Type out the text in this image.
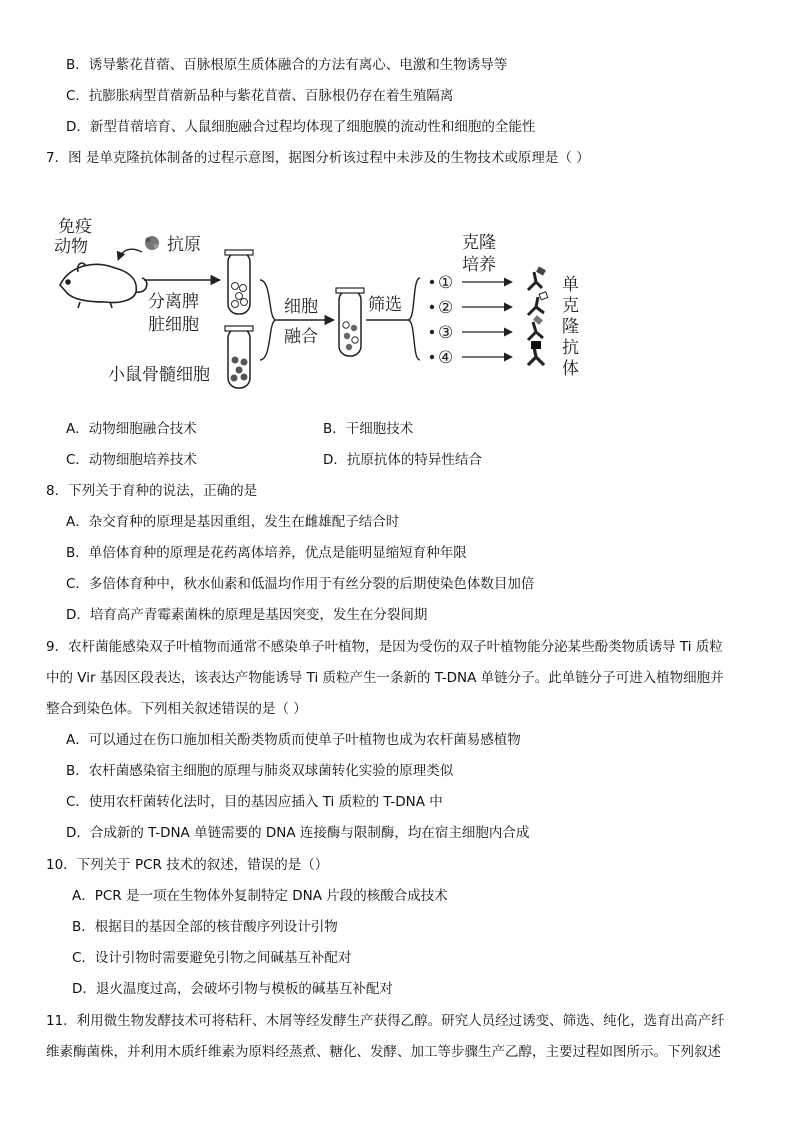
B．诱导紫花苜蓿、百脉根原生质体融合的方法有离心、电激和生物诱导等
C．抗膨胀病型苜蓿新品种与紫花苜蓿、百脉根仍存在着生殖隔离
D．新型苜蓿培育、人鼠细胞融合过程均体现了细胞膜的流动性和细胞的全能性
7．图 是单克隆抗体制备的过程示意图，据图分析该过程中未涉及的生物技术或原理是（ ）
免疫
动物	抗原
分离脾
脏细胞
小鼠骨髓细胞
细胞
融合
筛选
克隆
培养
①
②
③
④
单
克
隆
抗
体
A．动物细胞融合技术	B．干细胞技术
C．动物细胞培养技术	D．抗原抗体的特异性结合
8．下列关于育种的说法，正确的是
A．杂交育种的原理是基因重组，发生在雌雄配子结合时
B．单倍体育种的原理是花药离体培养，优点是能明显缩短育种年限
C．多倍体育种中，秋水仙素和低温均作用于有丝分裂的后期使染色体数目加倍
D．培育高产青霉素菌株的原理是基因突变，发生在分裂间期
9．农杆菌能感染双子叶植物而通常不感染单子叶植物，是因为受伤的双子叶植物能分泌某些酚类物质诱导 Ti 质粒
中的 Vir 基因区段表达，该表达产物能诱导 Ti 质粒产生一条新的 T-DNA 单链分子。此单链分子可进入植物细胞并
整合到染色体。下列相关叙述错误的是（ ）
A．可以通过在伤口施加相关酚类物质而使单子叶植物也成为农杆菌易感植物
B．农杆菌感染宿主细胞的原理与肺炎双球菌转化实验的原理类似
C．使用农杆菌转化法时，目的基因应插入 Ti 质粒的 T-DNA 中
D．合成新的 T-DNA 单链需要的 DNA 连接酶与限制酶，均在宿主细胞内合成
10．下列关于 PCR 技术的叙述，错误的是（）
A．PCR 是一项在生物体外复制特定 DNA 片段的核酸合成技术
B．根据目的基因全部的核苷酸序列设计引物
C．设计引物时需要避免引物之间碱基互补配对
D．退火温度过高，会破坏引物与模板的碱基互补配对
11．利用微生物发酵技术可将秸秆、木屑等经发酵生产获得乙醇。研究人员经过诱变、筛选、纯化，选育出高产纤
维素酶菌株，并利用木质纤维素为原料经蒸煮、糖化、发酵、加工等步骤生产乙醇，主要过程如图所示。下列叙述
